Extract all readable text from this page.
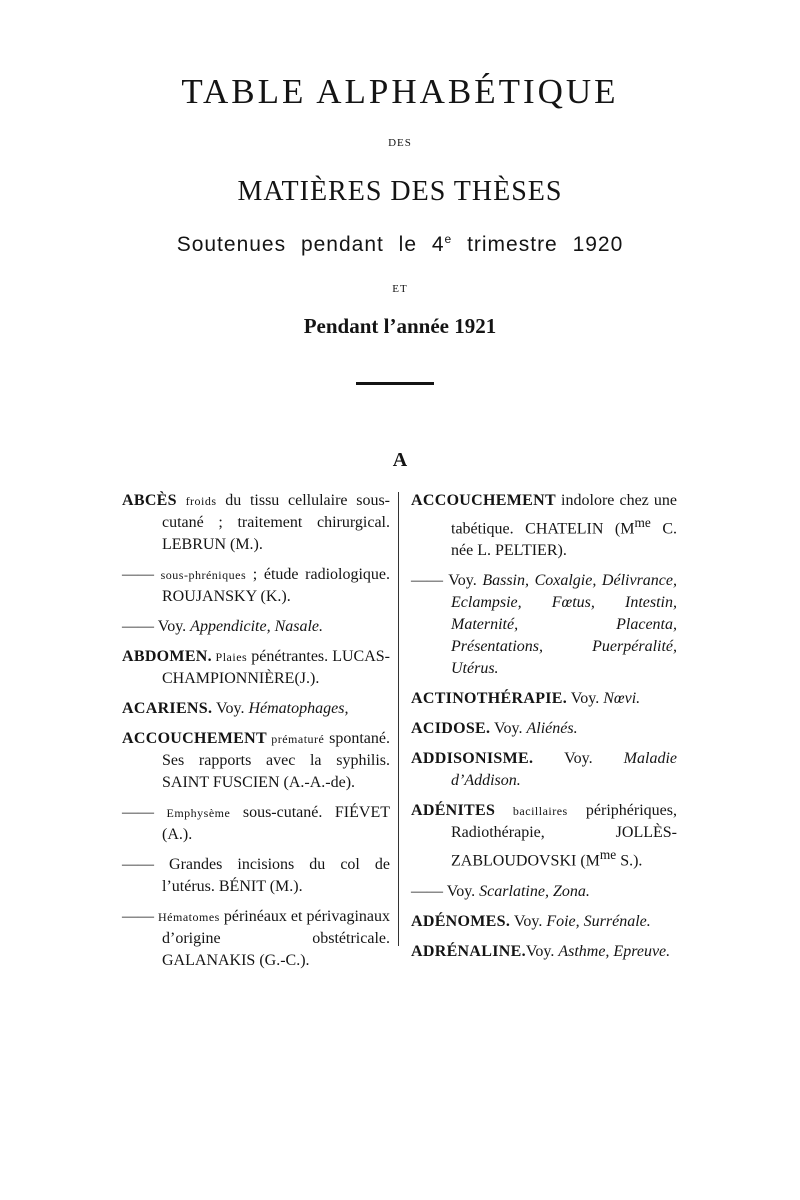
TABLE ALPHABÉTIQUE
DES
MATIÈRES DES THÈSES
Soutenues pendant le 4e trimestre 1920
ET
Pendant l’année 1921
A
ABCÈS froids du tissu cellulaire sous-cutané ; traitement chirurgical. LEBRUN (M.).
—— sous-phréniques ; étude radiologique. ROUJANSKY (K.).
—— Voy. Appendicite, Nasale.
ABDOMEN. Plaies pénétrantes. LUCAS-CHAMPIONNIÈRE(J.).
ACARIENS. Voy. Hématophages,
ACCOUCHEMENT prématuré spontané. Ses rapports avec la syphilis. SAINT FUSCIEN (A.-A.-de).
—— Emphysème sous-cutané. FIÉVET (A.).
—— Grandes incisions du col de l’utérus. BÉNIT (M.).
—— Hématomes périnéaux et périvaginaux d’origine obstétricale. GALANAKIS (G.-C.).
ACCOUCHEMENT indolore chez une tabétique. CHATELIN ($M^{me}$ C. née L. PELTIER).
—— Voy. Bassin, Coxalgie, Délivrance, Eclampsie, Fœtus, Intestin, Maternité, Placenta, Présentations, Puerpéralité, Utérus.
ACTINOTHÉRAPIE. Voy. Nœvi.
ACIDOSE. Voy. Aliénés.
ADDISONISME. Voy. Maladie d’Addison.
ADÉNITES bacillaires périphériques, Radiothérapie, JOLLÈS-ZABLOUDOVSKI ($M^{me}$ S.).
—— Voy. Scarlatine, Zona.
ADÉNOMES. Voy. Foie, Surrénale.
ADRÉNALINE.Voy. Asthme, Epreuve.
